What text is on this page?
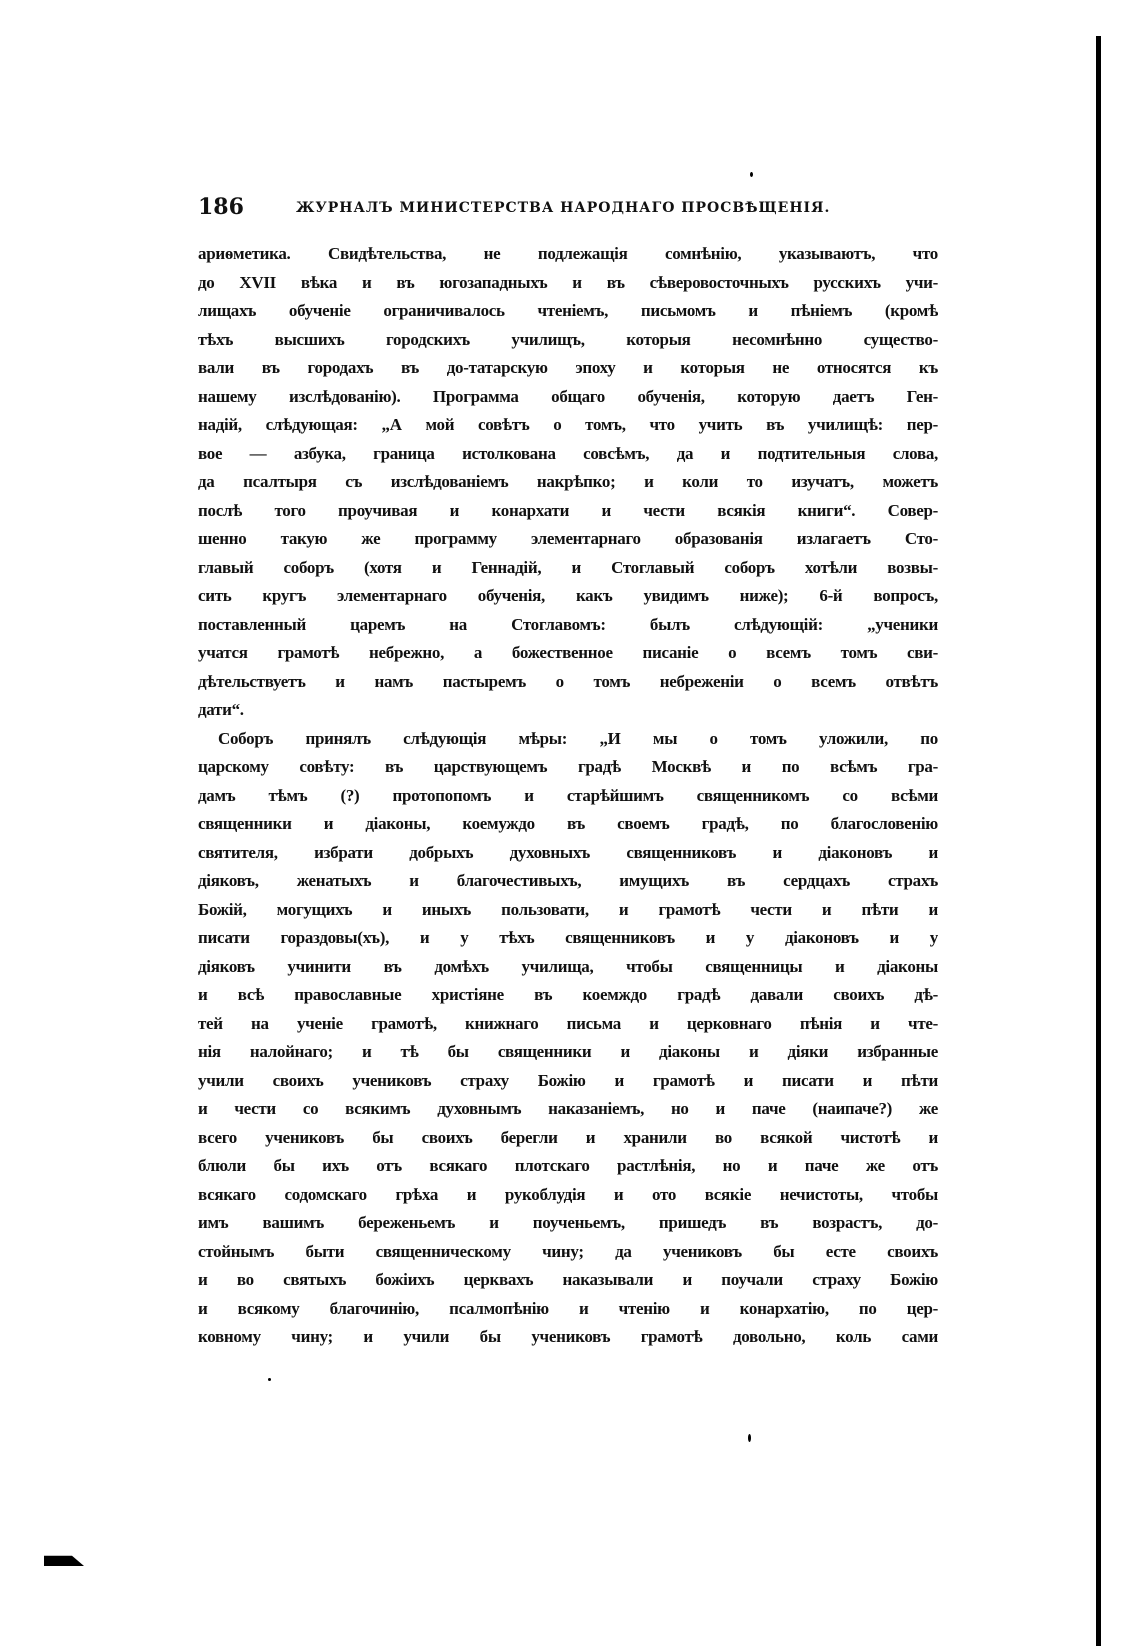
186	ЖУРНАЛЪ МИНИСТЕРСТВА НАРОДНАГО ПРОСВѢЩЕНІЯ.
ариѳметика. Свидѣтельства, не подлежащія сомнѣнію, указываютъ, что
до XVII вѣка и въ югозападныхъ и въ сѣверовосточныхъ русскихъ учи-
лищахъ обученіе ограничивалось чтеніемъ, письмомъ и пѣніемъ (кромѣ
тѣхъ высшихъ городскихъ училищъ, которыя несомнѣнно существо-
вали въ городахъ въ до-татарскую эпоху и которыя не относятся къ
нашему изслѣдованію). Программа общаго обученія, которую даетъ Ген-
надій, слѣдующая: „А мой совѣтъ о томъ, что учить въ училищѣ: пер-
вое — азбука, граница истолкована совсѣмъ, да и подтительныя слова,
да псалтыря съ изслѣдованіемъ накрѣпко; и коли то изучатъ, можетъ
послѣ того проучивая и конархати и чести всякія книги“. Совер-
шенно такую же программу элементарнаго образованія излагаетъ Сто-
главый соборъ (хотя и Геннадій, и Стоглавый соборъ хотѣли возвы-
сить кругъ элементарнаго обученія, какъ увидимъ ниже); 6-й вопросъ,
поставленный царемъ на Стоглавомъ: былъ слѣдующій: „ученики
учатся грамотѣ небрежно, а божественное писаніе о всемъ томъ сви-
дѣтельствуетъ и намъ пастыремъ о томъ небреженіи о всемъ отвѣтъ
дати“.
Соборъ принялъ слѣдующія мѣры: „И мы о томъ уложили, по
царскому совѣту: въ царствующемъ градѣ Москвѣ и по всѣмъ гра-
дамъ тѣмъ (?) протопопомъ и старѣйшимъ священникомъ со всѣми
священники и діаконы, коемуждо въ своемъ градѣ, по благословенію
святителя, избрати добрыхъ духовныхъ священниковъ и діаконовъ и
діяковъ, женатыхъ и благочестивыхъ, имущихъ въ сердцахъ страхъ
Божій, могущихъ и иныхъ пользовати, и грамотѣ чести и пѣти и
писати гораздовы(хъ), и у тѣхъ священниковъ и у діаконовъ и у
діяковъ учинити въ домѣхъ училища, чтобы священницы и діаконы
и всѣ православные христіяне въ коемждо градѣ давали своихъ дѣ-
тей на ученіе грамотѣ, книжнаго письма и церковнаго пѣнія и чте-
нія налойнаго; и тѣ бы священники и діаконы и діяки избранные
учили своихъ учениковъ страху Божію и грамотѣ и писати и пѣти
и чести со всякимъ духовнымъ наказаніемъ, но и паче (наипаче?) же
всего учениковъ бы своихъ берегли и хранили во всякой чистотѣ и
блюли бы ихъ отъ всякаго плотскаго растлѣнія, но и паче же отъ
всякаго содомскаго грѣха и рукоблудія и ото всякіе нечистоты, чтобы
имъ вашимъ береженьемъ и поученьемъ, пришедъ въ возрастъ, до-
стойнымъ быти священническому чину; да учениковъ бы есте своихъ
и во святыхъ божіихъ церквахъ наказывали и поучали страху Божію
и всякому благочинію, псалмопѣнію и чтенію и конархатію, по цер-
ковному чину; и учили бы учениковъ грамотѣ довольно, коль сами
